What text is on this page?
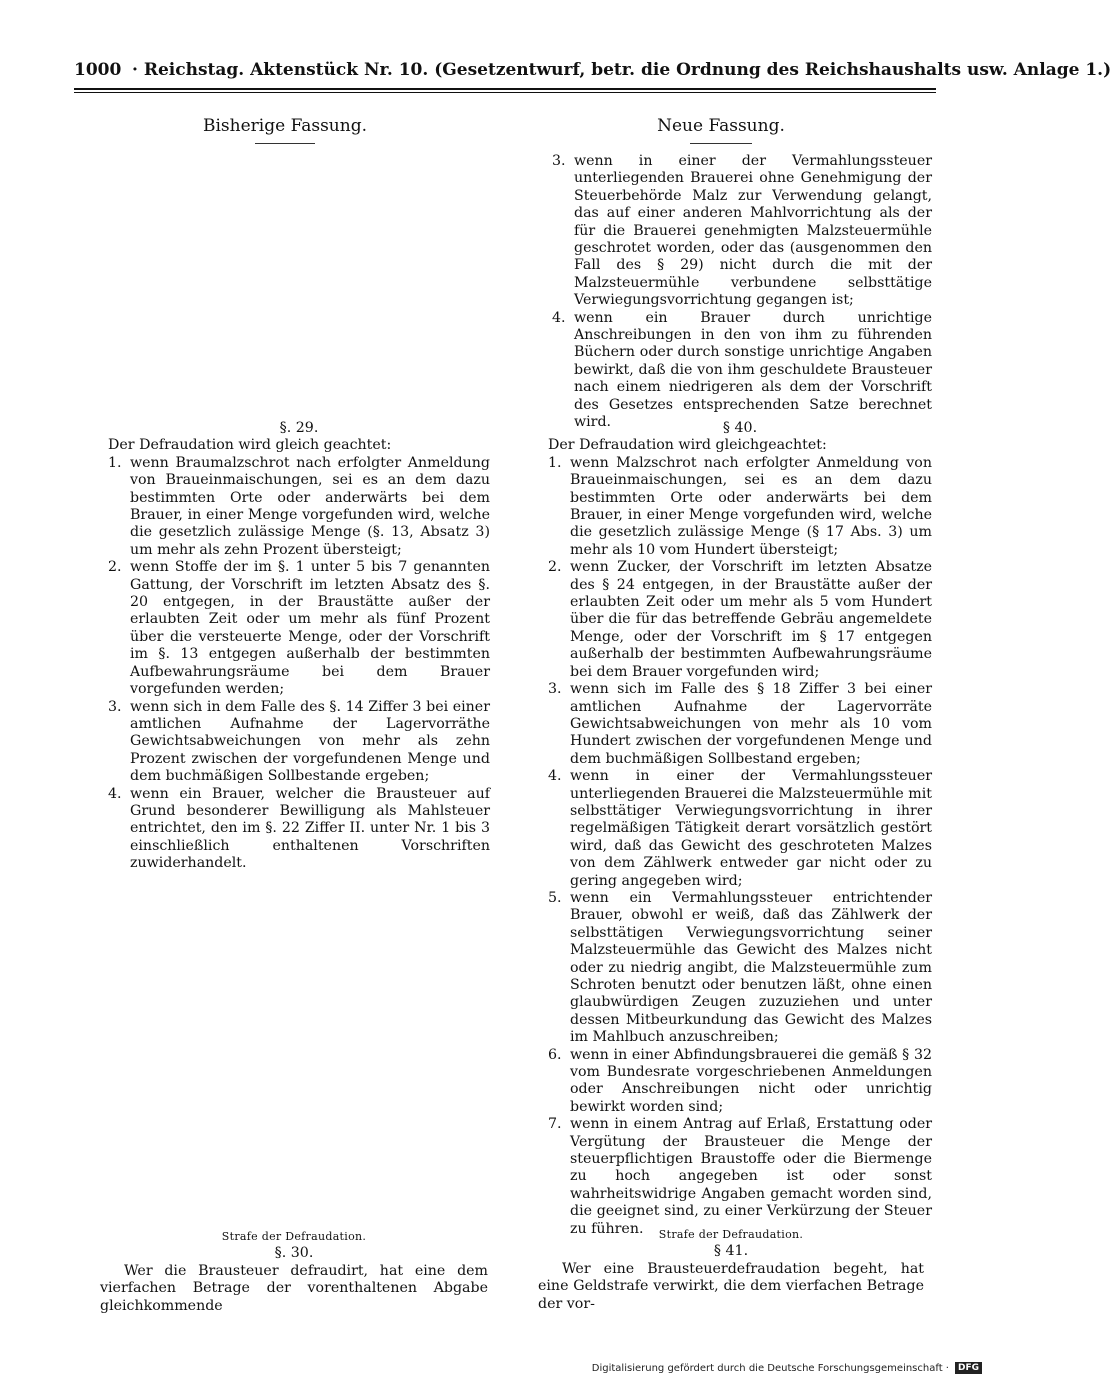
1000 · Reichstag. Aktenstück Nr. 10. (Gesetzentwurf, betr. die Ordnung des Reichshaushalts usw. Anlage 1.)
Bisherige Fassung.	Neue Fassung.

§. 29.

Der Defraudation wird gleich geachtet:

1. wenn Braumalzschrot nach erfolgter Anmeldung von Braueinmaischungen, sei es an dem dazu bestimmten Orte oder anderwärts bei dem Brauer, in einer Menge vorgefunden wird, welche die gesetzlich zulässige Menge (§. 13, Absatz 3) um mehr als zehn Prozent übersteigt;
2. wenn Stoffe der im §. 1 unter 5 bis 7 genannten Gattung, der Vorschrift im letzten Absatz des §. 20 entgegen, in der Braustätte außer der erlaubten Zeit oder um mehr als fünf Prozent über die versteuerte Menge, oder der Vorschrift im §. 13 entgegen außerhalb der bestimmten Aufbewahrungsräume bei dem Brauer vorgefunden werden;
3. wenn sich in dem Falle des §. 14 Ziffer 3 bei einer amtlichen Aufnahme der Lagervorräthe Gewichtsabweichungen von mehr als zehn Prozent zwischen der vorgefundenen Menge und dem buchmäßigen Sollbestande ergeben;
4. wenn ein Brauer, welcher die Brausteuer auf Grund besonderer Bewilligung als Mahlsteuer entrichtet, den im §. 22 Ziffer II. unter Nr. 1 bis 3 einschließlich enthaltenen Vorschriften zuwiderhandelt.

Strafe der Defraudation.

§. 30.

Wer die Brausteuer defraudirt, hat eine dem vierfachen Betrage der vorenthaltenen Abgabe gleichkommende

3. wenn in einer der Vermahlungssteuer unterliegenden Brauerei ohne Genehmigung der Steuerbehörde Malz zur Verwendung gelangt, das auf einer anderen Mahlvorrichtung als der für die Brauerei genehmigten Malzsteuermühle geschrotet worden, oder das (ausgenommen den Fall des § 29) nicht durch die mit der Malzsteuermühle verbundene selbsttätige Verwiegungsvorrichtung gegangen ist;
4. wenn ein Brauer durch unrichtige Anschreibungen in den von ihm zu führenden Büchern oder durch sonstige unrichtige Angaben bewirkt, daß die von ihm geschuldete Brausteuer nach einem niedrigeren als dem der Vorschrift des Gesetzes entsprechenden Satze berechnet wird.	§ 40.

Der Defraudation wird gleichgeachtet:

1. wenn Malzschrot nach erfolgter Anmeldung von Braueinmaischungen, sei es an dem dazu bestimmten Orte oder anderwärts bei dem Brauer, in einer Menge vorgefunden wird, welche die gesetzlich zulässige Menge (§ 17 Abs. 3) um mehr als 10 vom Hundert übersteigt;
2. wenn Zucker, der Vorschrift im letzten Absatze des § 24 entgegen, in der Braustätte außer der erlaubten Zeit oder um mehr als 5 vom Hundert über die für das betreffende Gebräu angemeldete Menge, oder der Vorschrift im § 17 entgegen außerhalb der bestimmten Aufbewahrungsräume bei dem Brauer vorgefunden wird;
3. wenn sich im Falle des § 18 Ziffer 3 bei einer amtlichen Aufnahme der Lagervorräte Gewichtsabweichungen von mehr als 10 vom Hundert zwischen der vorgefundenen Menge und dem buchmäßigen Sollbestand ergeben;
4. wenn in einer der Vermahlungssteuer unterliegenden Brauerei die Malzsteuermühle mit selbsttätiger Verwiegungsvorrichtung in ihrer regelmäßigen Tätigkeit derart vorsätzlich gestört wird, daß das Gewicht des geschroteten Malzes von dem Zählwerk entweder gar nicht oder zu gering angegeben wird;
5. wenn ein Vermahlungssteuer entrichtender Brauer, obwohl er weiß, daß das Zählwerk der selbsttätigen Verwiegungsvorrichtung seiner Malzsteuermühle das Gewicht des Malzes nicht oder zu niedrig angibt, die Malzsteuermühle zum Schroten benutzt oder benutzen läßt, ohne einen glaubwürdigen Zeugen zuzuziehen und unter dessen Mitbeurkundung das Gewicht des Malzes im Mahlbuch anzuschreiben;
6. wenn in einer Abfindungsbrauerei die gemäß § 32 vom Bundesrate vorgeschriebenen Anmeldungen oder Anschreibungen nicht oder unrichtig bewirkt worden sind;
7. wenn in einem Antrag auf Erlaß, Erstattung oder Vergütung der Brausteuer die Menge der steuerpflichtigen Braustoffe oder die Biermenge zu hoch angegeben ist oder sonst wahrheitswidrige Angaben gemacht worden sind, die geeignet sind, zu einer Verkürzung der Steuer zu führen.	Strafe der Defraudation.

§ 41.

Wer eine Brausteuerdefraudation begeht, hat eine Geldstrafe verwirkt, die dem vierfachen Betrage der vor-

Digitalisierung gefördert durch die Deutsche Forschungsgemeinschaft ·	DFG
